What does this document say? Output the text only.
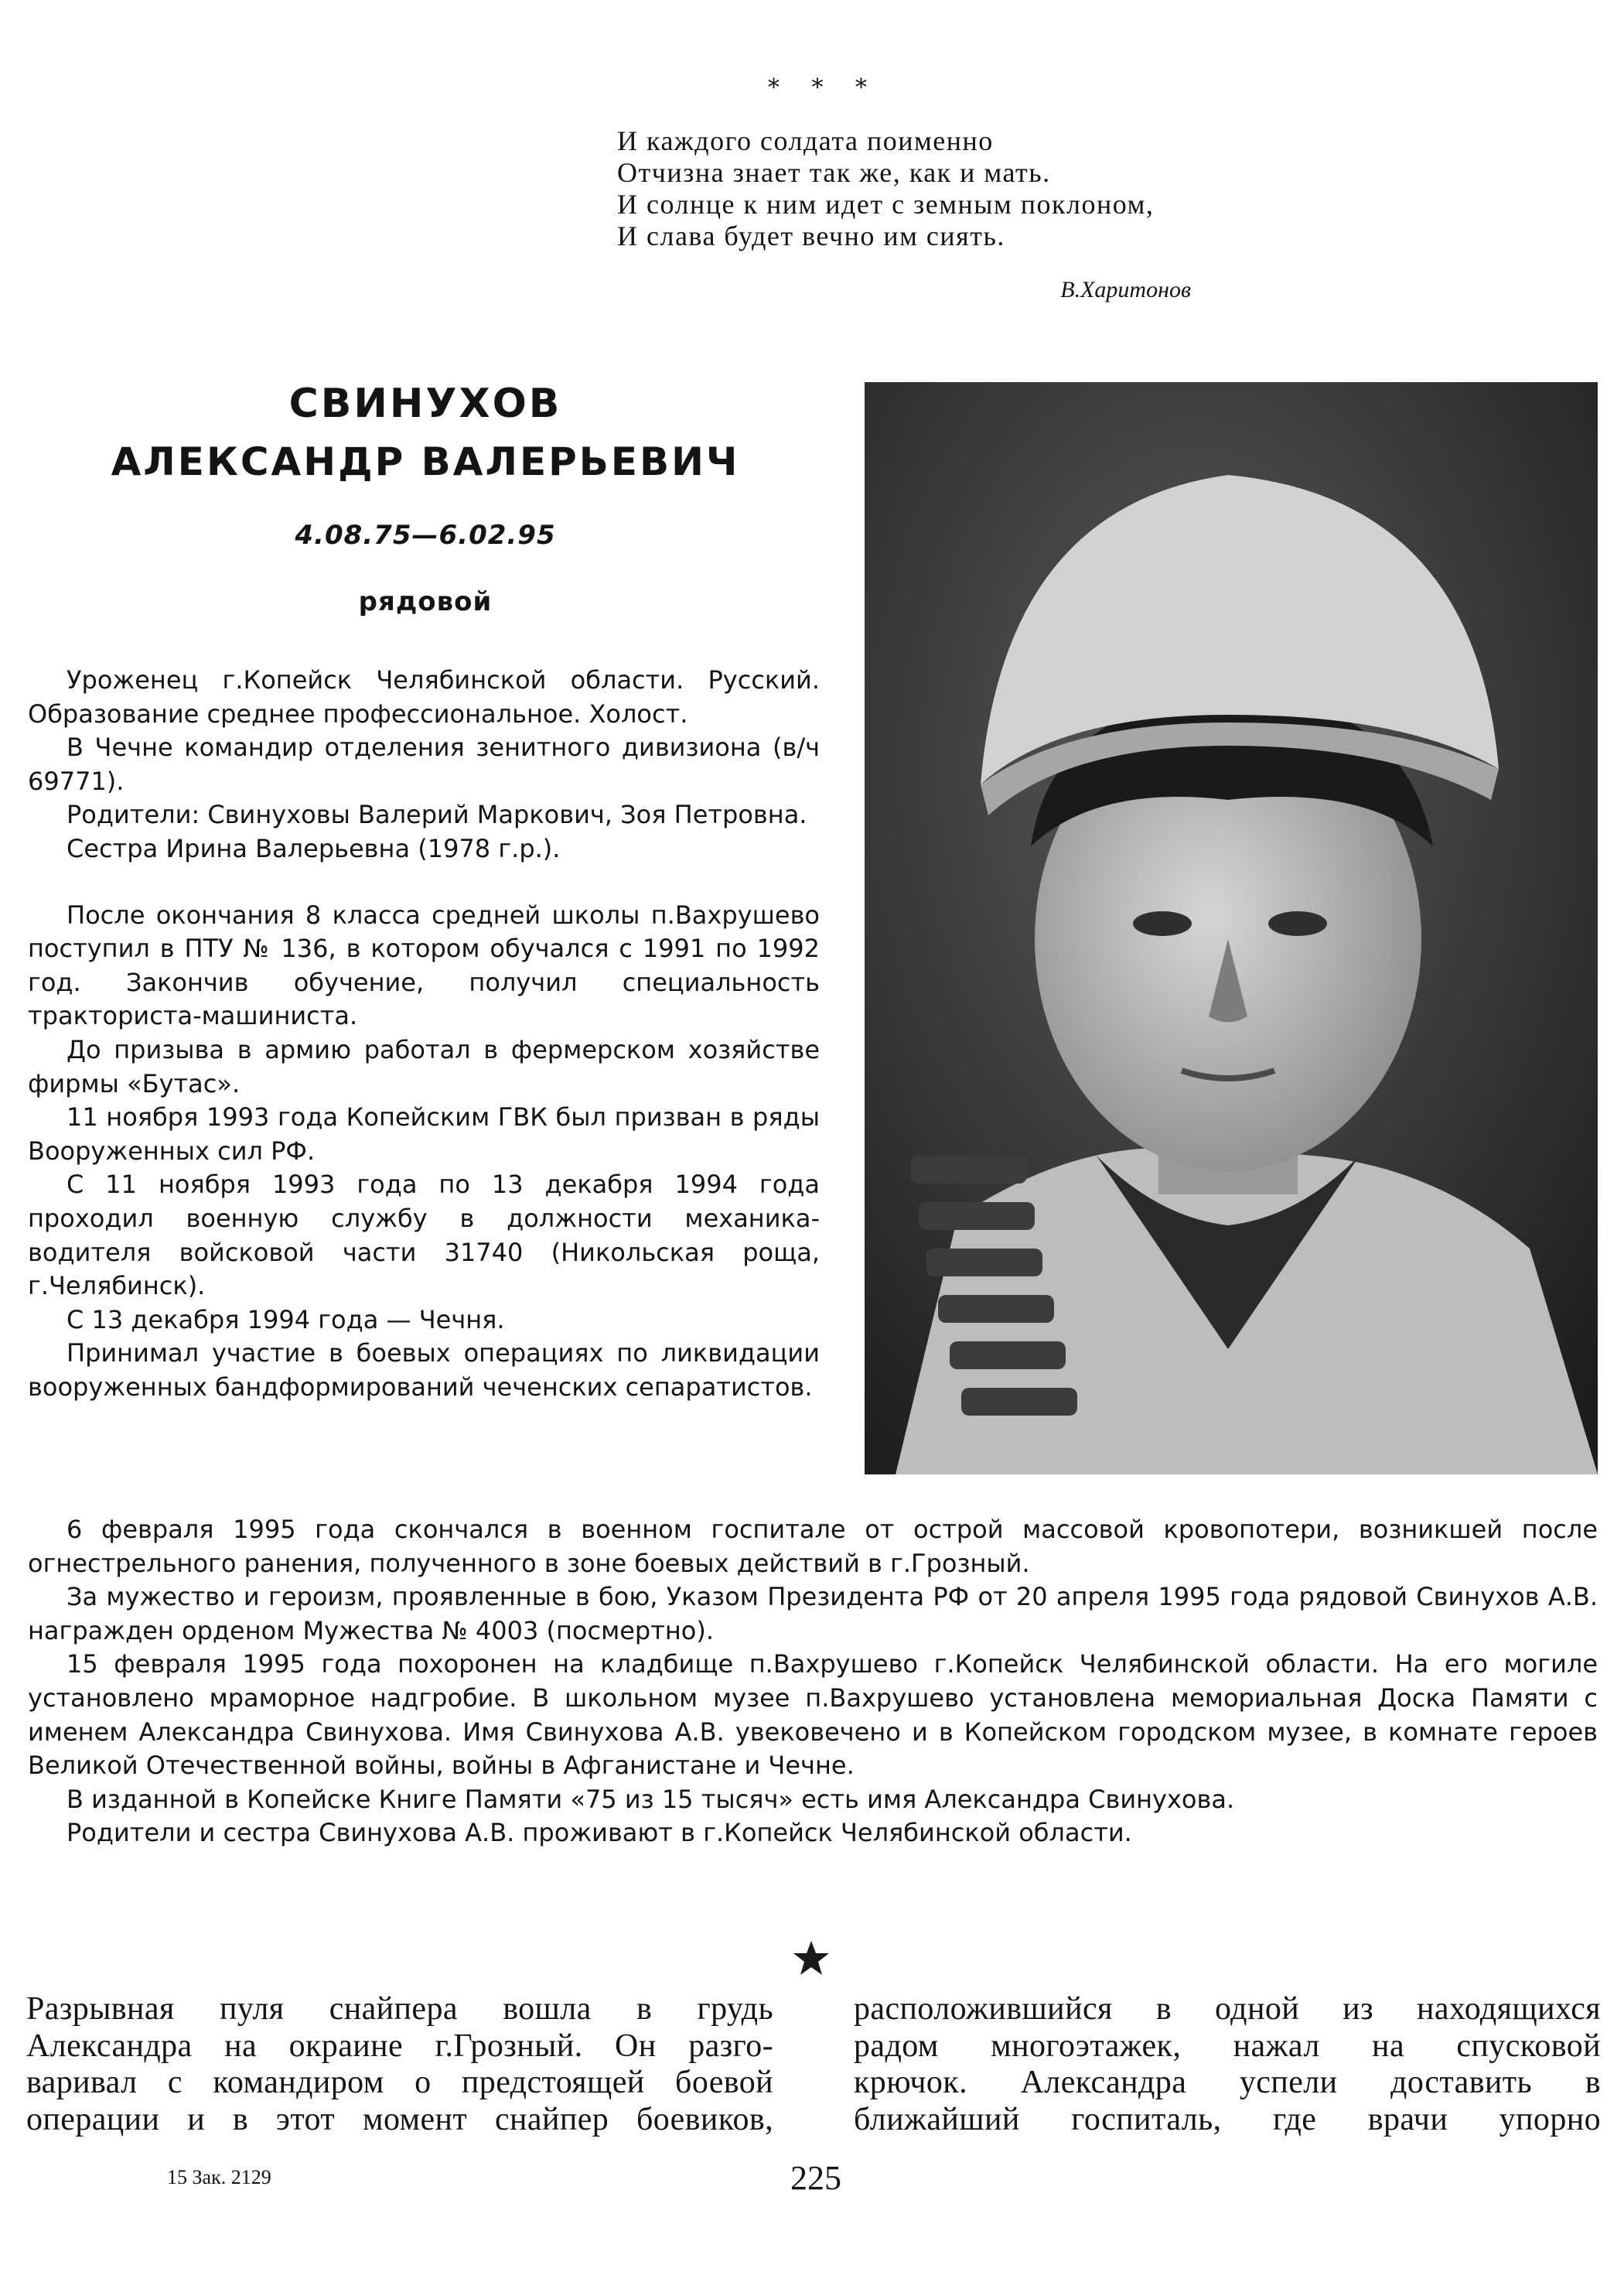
* * *
И каждого солдата поименно
Отчизна знает так же, как и мать.
И солнце к ним идет с земным поклоном,
И слава будет вечно им сиять.
В.Харитонов
СВИНУХОВ
АЛЕКСАНДР ВАЛЕРЬЕВИЧ
4.08.75—6.02.95
рядовой

Уроженец г.Копейск Челябинской области. Русский. Образование среднее профессиональное. Холост.

В Чечне командир отделения зенитного дивизиона (в/ч 69771).

Родители: Свинуховы Валерий Маркович, Зоя Петровна.

Сестра Ирина Валерьевна (1978 г.р.).

После окончания 8 класса средней школы п.Вахрушево поступил в ПТУ № 136, в котором обучался с 1991 по 1992 год. Закончив обучение, получил специальность тракториста-машиниста.

До призыва в армию работал в фермерском хозяйстве фирмы «Бутас».

11 ноября 1993 года Копейским ГВК был призван в ряды Вооруженных сил РФ.

С 11 ноября 1993 года по 13 декабря 1994 года проходил военную службу в должности механика-водителя войсковой части 31740 (Никольская роща, г.Челябинск).

С 13 декабря 1994 года — Чечня.

Принимал участие в боевых операциях по ликвидации вооруженных бандформирований чеченских сепаратистов.

6 февраля 1995 года скончался в военном госпитале от острой массовой кровопотери, возникшей после огнестрельного ранения, полученного в зоне боевых действий в г.Грозный.

За мужество и героизм, проявленные в бою, Указом Президента РФ от 20 апреля 1995 года рядовой Свинухов А.В. награжден орденом Мужества № 4003 (посмертно).

15 февраля 1995 года похоронен на кладбище п.Вахрушево г.Копейск Челябинской области. На его могиле установлено мраморное надгробие. В школьном музее п.Вахрушево установлена мемориальная Доска Памяти с именем Александра Свинухова. Имя Свинухова А.В. увековечено и в Копейском городском музее, в комнате героев Великой Отечественной войны, войны в Афганистане и Чечне.

В изданной в Копейске Книге Памяти «75 из 15 тысяч» есть имя Александра Свинухова.

Родители и сестра Свинухова А.В. проживают в г.Копейск Челябинской области.

Разрывная пуля снайпера вошла в грудь
Александра на окраине г.Грозный. Он разго-
варивал с командиром о предстоящей боевой
операции и в этот момент снайпер боевиков,
расположившийся в одной из находящихся
радом многоэтажек, нажал на спусковой
крючок. Александра успели доставить в
ближайший госпиталь, где врачи упорно
15 Зак. 2129	225
